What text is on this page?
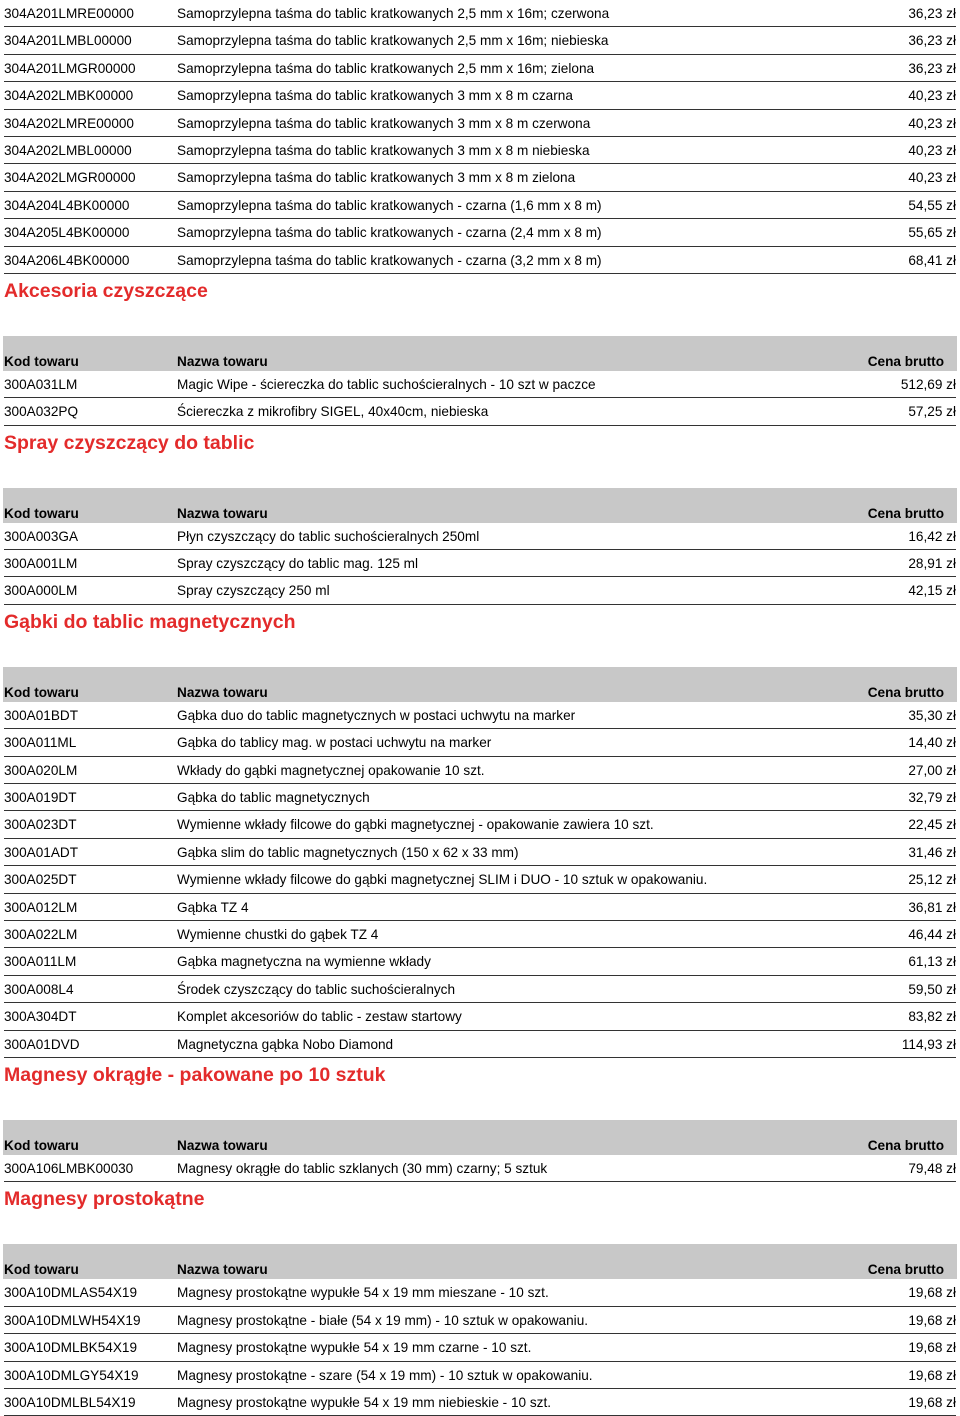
304A201LMRE00000	Samoprzylepna taśma do tablic kratkowanych 2,5 mm x 16m; czerwona	36,23 zł
304A201LMBL00000	Samoprzylepna taśma do tablic kratkowanych 2,5 mm x 16m; niebieska	36,23 zł
304A201LMGR00000	Samoprzylepna taśma do tablic kratkowanych 2,5 mm x 16m; zielona	36,23 zł
304A202LMBK00000	Samoprzylepna taśma do tablic kratkowanych 3 mm x 8 m czarna	40,23 zł
304A202LMRE00000	Samoprzylepna taśma do tablic kratkowanych 3 mm x 8 m czerwona	40,23 zł
304A202LMBL00000	Samoprzylepna taśma do tablic kratkowanych 3 mm x 8 m niebieska	40,23 zł
304A202LMGR00000	Samoprzylepna taśma do tablic kratkowanych 3 mm x 8 m zielona	40,23 zł
304A204L4BK00000	Samoprzylepna taśma do tablic kratkowanych - czarna (1,6 mm x 8 m)	54,55 zł
304A205L4BK00000	Samoprzylepna taśma do tablic kratkowanych - czarna (2,4 mm x 8 m)	55,65 zł
304A206L4BK00000	Samoprzylepna taśma do tablic kratkowanych - czarna (3,2 mm x 8 m)	68,41 zł
Akcesoria czyszczące
Kod towaru	Nazwa towaru	Cena brutto
300A031LM	Magic Wipe - ściereczka do tablic suchościeralnych - 10 szt w paczce	512,69 zł
300A032PQ	Ściereczka z mikrofibry SIGEL, 40x40cm, niebieska	57,25 zł
Spray czyszczący do tablic
Kod towaru	Nazwa towaru	Cena brutto
300A003GA	Płyn czyszczący do tablic suchościeralnych 250ml	16,42 zł
300A001LM	Spray czyszczący do tablic mag. 125 ml	28,91 zł
300A000LM	Spray czyszczący 250 ml	42,15 zł
Gąbki do tablic magnetycznych
Kod towaru	Nazwa towaru	Cena brutto
300A01BDT	Gąbka duo do tablic magnetycznych w postaci uchwytu na marker	35,30 zł
300A011ML	Gąbka do tablicy mag. w postaci uchwytu na marker	14,40 zł
300A020LM	Wkłady do gąbki magnetycznej opakowanie 10 szt.	27,00 zł
300A019DT	Gąbka do tablic magnetycznych	32,79 zł
300A023DT	Wymienne wkłady filcowe do gąbki magnetycznej - opakowanie zawiera 10 szt.	22,45 zł
300A01ADT	Gąbka slim do tablic magnetycznych (150 x 62 x 33 mm)	31,46 zł
300A025DT	Wymienne wkłady filcowe do gąbki magnetycznej SLIM i DUO - 10 sztuk w opakowaniu.	25,12 zł
300A012LM	Gąbka TZ 4	36,81 zł
300A022LM	Wymienne chustki do gąbek TZ 4	46,44 zł
300A011LM	Gąbka magnetyczna na wymienne wkłady	61,13 zł
300A008L4	Środek czyszczący do tablic suchościeralnych	59,50 zł
300A304DT	Komplet akcesoriów do tablic - zestaw startowy	83,82 zł
300A01DVD	Magnetyczna gąbka Nobo Diamond	114,93 zł
Magnesy okrągłe - pakowane po 10 sztuk
Kod towaru	Nazwa towaru	Cena brutto
300A106LMBK00030	Magnesy okrągłe do tablic szklanych (30 mm) czarny; 5 sztuk	79,48 zł
Magnesy prostokątne
Kod towaru	Nazwa towaru	Cena brutto
300A10DMLAS54X19	Magnesy prostokątne wypukłe 54 x 19 mm mieszane - 10 szt.	19,68 zł
300A10DMLWH54X19	Magnesy prostokątne - białe (54 x 19 mm) - 10 sztuk w opakowaniu.	19,68 zł
300A10DMLBK54X19	Magnesy prostokątne wypukłe 54 x 19 mm czarne - 10 szt.	19,68 zł
300A10DMLGY54X19	Magnesy prostokątne - szare (54 x 19 mm) - 10 sztuk w opakowaniu.	19,68 zł
300A10DMLBL54X19	Magnesy prostokątne wypukłe 54 x 19 mm niebieskie - 10 szt.	19,68 zł
